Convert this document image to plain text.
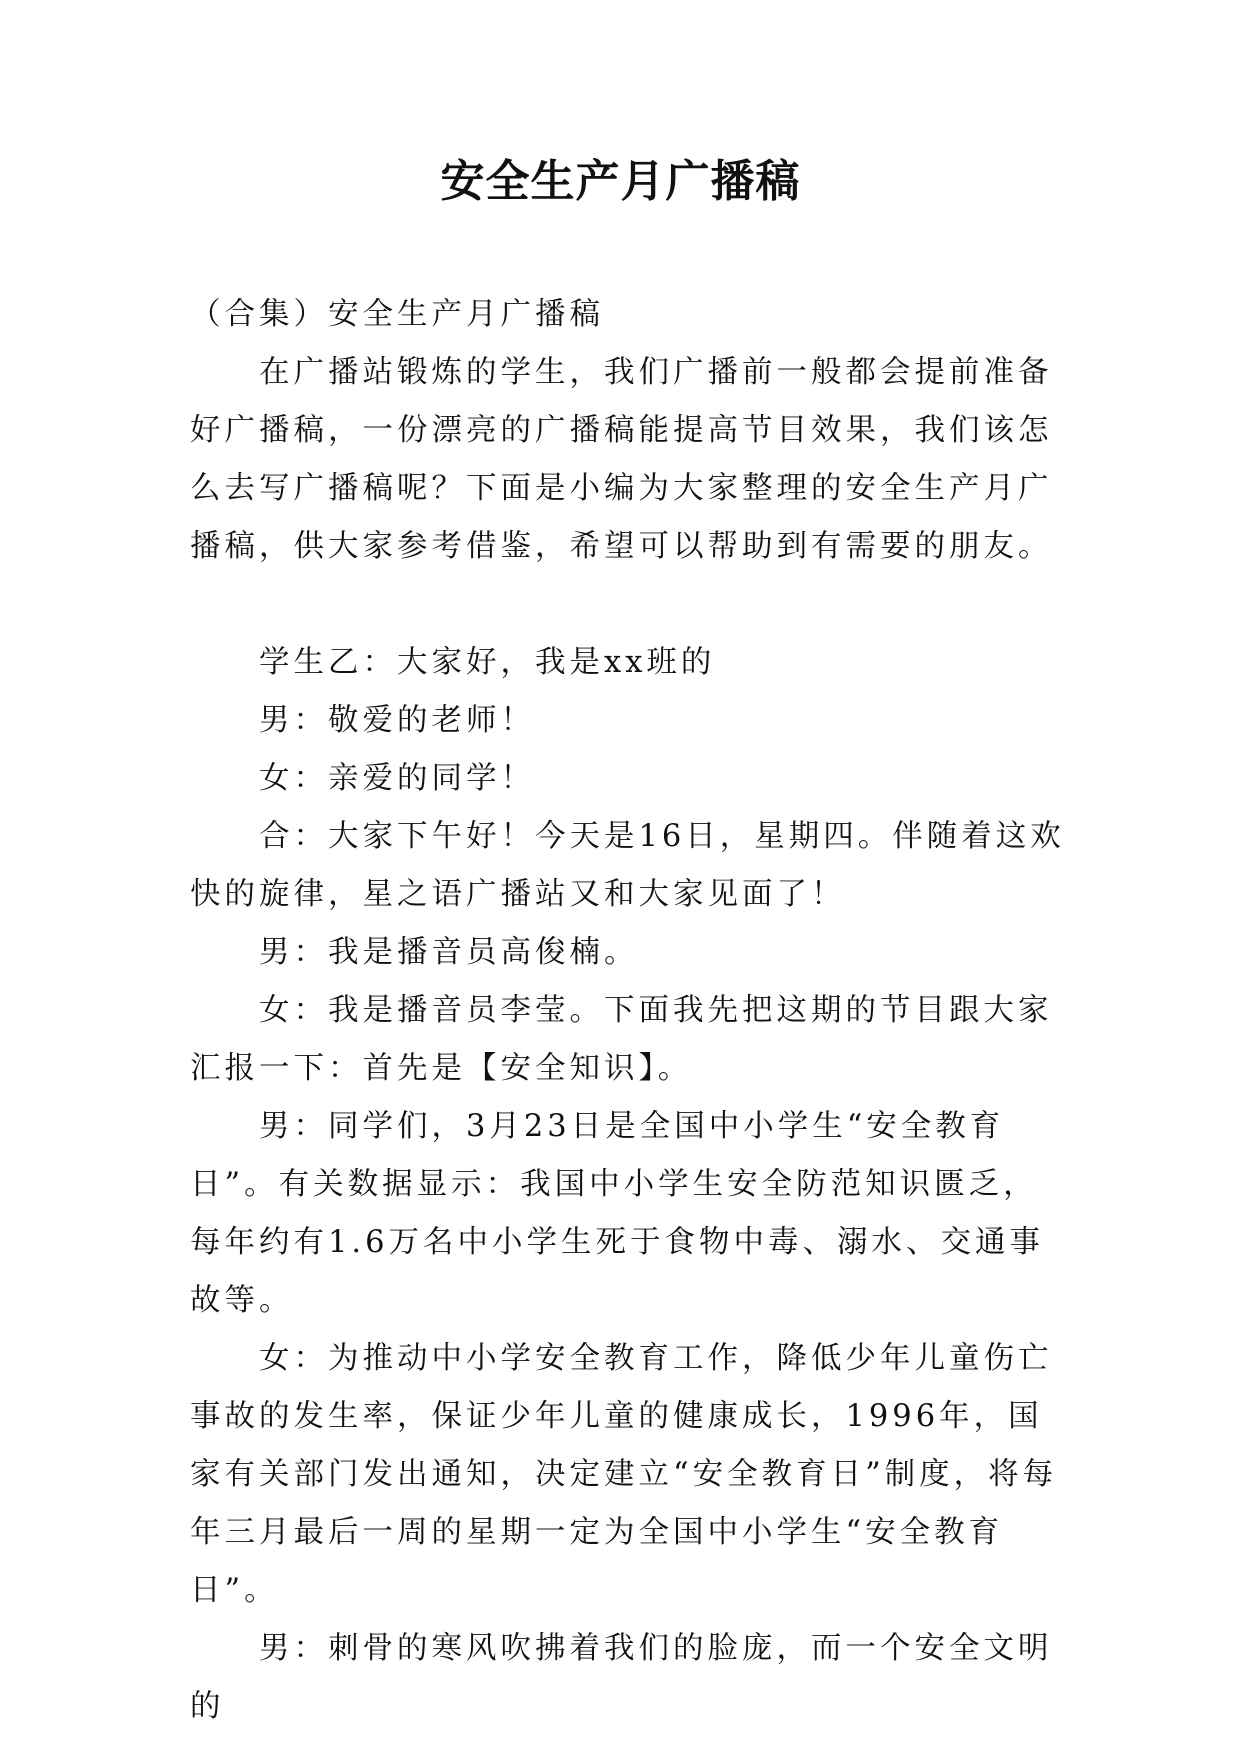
安全生产月广播稿

（合集）安全生产月广播稿

在广播站锻炼的学生，我们广播前一般都会提前准备好广播稿，一份漂亮的广播稿能提高节目效果，我们该怎么去写广播稿呢？下面是小编为大家整理的安全生产月广播稿，供大家参考借鉴，希望可以帮助到有需要的朋友。

学生乙：大家好，我是xx班的

男：敬爱的老师！

女：亲爱的同学！

合：大家下午好！今天是16日，星期四。伴随着这欢快的旋律，星之语广播站又和大家见面了！

男：我是播音员高俊楠。

女：我是播音员李莹。下面我先把这期的节目跟大家汇报一下：首先是【安全知识】。

男：同学们，3月23日是全国中小学生“安全教育日”。有关数据显示：我国中小学生安全防范知识匮乏，每年约有1.6万名中小学生死于食物中毒、溺水、交通事故等。

女：为推动中小学安全教育工作，降低少年儿童伤亡事故的发生率，保证少年儿童的健康成长，1996年，国家有关部门发出通知，决定建立“安全教育日”制度，将每年三月最后一周的星期一定为全国中小学生“安全教育日”。

男：刺骨的寒风吹拂着我们的脸庞，而一个安全文明的
